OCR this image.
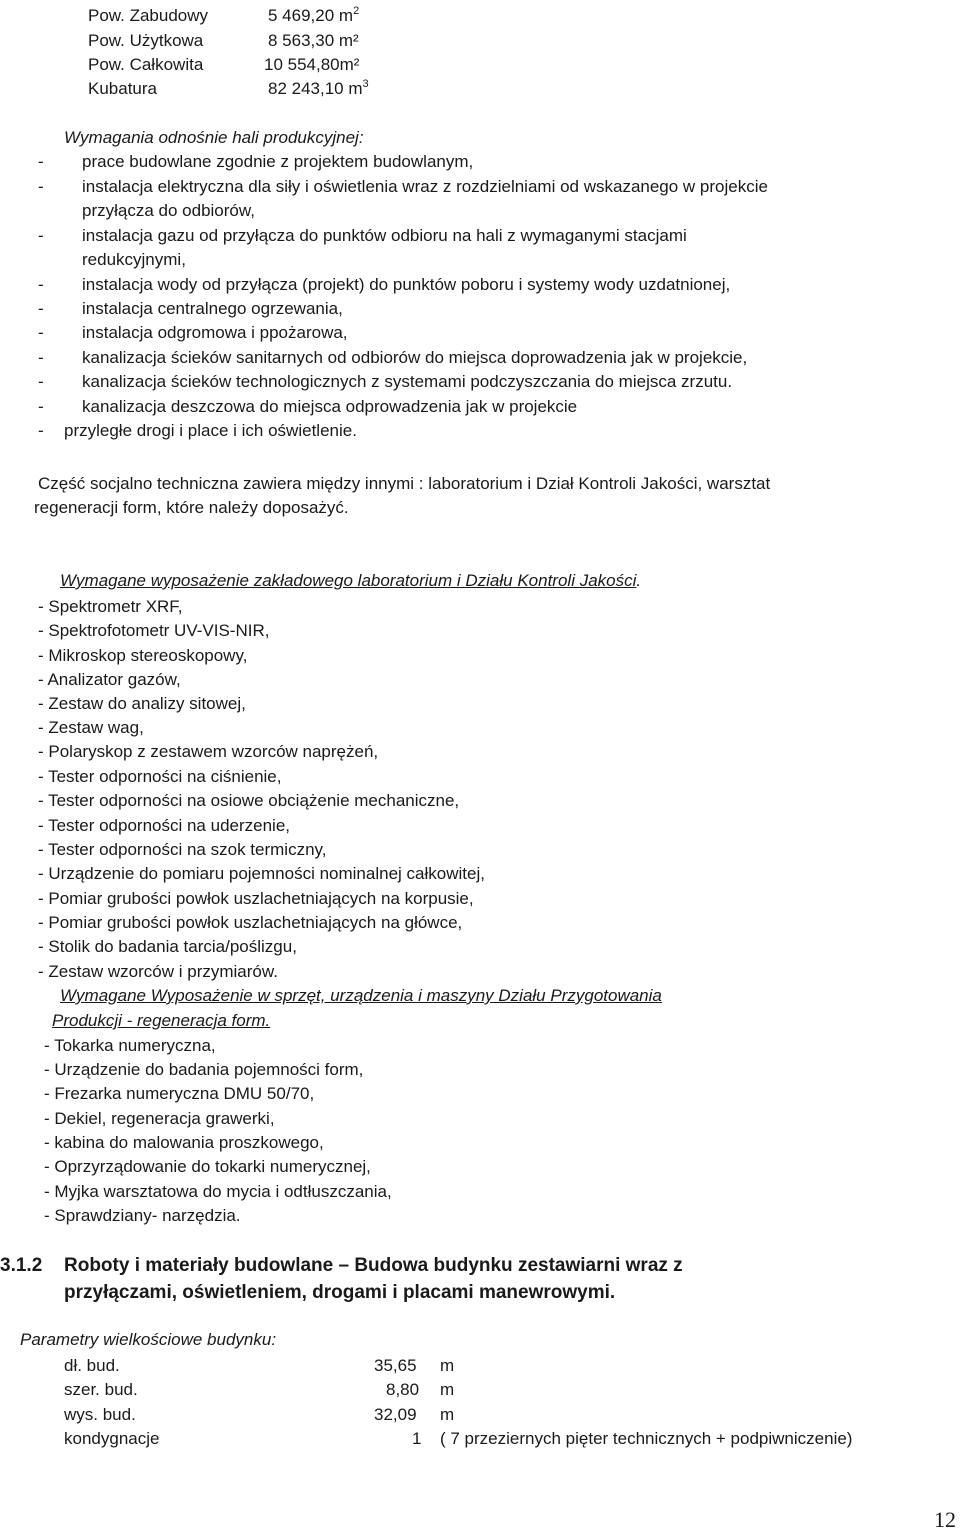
Pow. Zabudowy	5 469,20 $m^2$
Pow. Użytkowa	8 563,30 m²
Pow. Całkowita	10 554,80m²
Kubatura	82 243,10 $m^3$
Wymagania odnośnie hali produkcyjnej:
- prace budowlane zgodnie z projektem budowlanym,
- instalacja elektryczna dla siły i oświetlenia wraz z rozdzielniami od wskazanego w projekcie
przyłącza do odbiorów,
- instalacja gazu od przyłącza do punktów odbioru na hali z wymaganymi stacjami
redukcyjnymi,
- instalacja wody od przyłącza (projekt) do punktów poboru i systemy wody uzdatnionej,
- instalacja centralnego ogrzewania,
- instalacja odgromowa i ppożarowa,
- kanalizacja ścieków sanitarnych od odbiorów do miejsca doprowadzenia jak w projekcie,
- kanalizacja ścieków technologicznych z systemami podczyszczania do miejsca zrzutu.
- kanalizacja deszczowa do miejsca odprowadzenia jak w projekcie
- przyległe drogi i place i ich oświetlenie.
Część socjalno techniczna zawiera między innymi : laboratorium i Dział Kontroli Jakości, warsztat
regeneracji form, które należy doposażyć.
Wymagane wyposażenie zakładowego laboratorium i Działu Kontroli Jakości.
- Spektrometr XRF,
- Spektrofotometr UV-VIS-NIR,
- Mikroskop stereoskopowy,
- Analizator gazów,
- Zestaw do analizy sitowej,
- Zestaw wag,
- Polaryskop z zestawem wzorców naprężeń,
- Tester odporności na ciśnienie,
- Tester odporności na osiowe obciążenie mechaniczne,
- Tester odporności na uderzenie,
- Tester odporności na szok termiczny,
- Urządzenie do pomiaru pojemności nominalnej całkowitej,
- Pomiar grubości powłok uszlachetniających na korpusie,
- Pomiar grubości powłok uszlachetniających na główce,
- Stolik do badania tarcia/poślizgu,
- Zestaw wzorców i przymiarów.
Wymagane Wyposażenie w sprzęt, urządzenia i maszyny Działu Przygotowania
Produkcji - regeneracja form.
- Tokarka numeryczna,
- Urządzenie do badania pojemności form,
- Frezarka numeryczna DMU 50/70,
- Dekiel, regeneracja grawerki,
- kabina do malowania proszkowego,
- Oprzyrządowanie do tokarki numerycznej,
- Myjka warsztatowa do mycia i odtłuszczania,
- Sprawdziany- narzędzia.
3.1.2 Roboty i materiały budowlane – Budowa budynku zestawiarni wraz z
przyłączami, oświetleniem, drogami i placami manewrowymi.
Parametry wielkościowe budynku:
dł. bud.	35,65 m
szer. bud.	8,80 m
wys. bud.	32,09 m
kondygnacje	1 ( 7 przeziernych pięter technicznych + podpiwniczenie)
12
